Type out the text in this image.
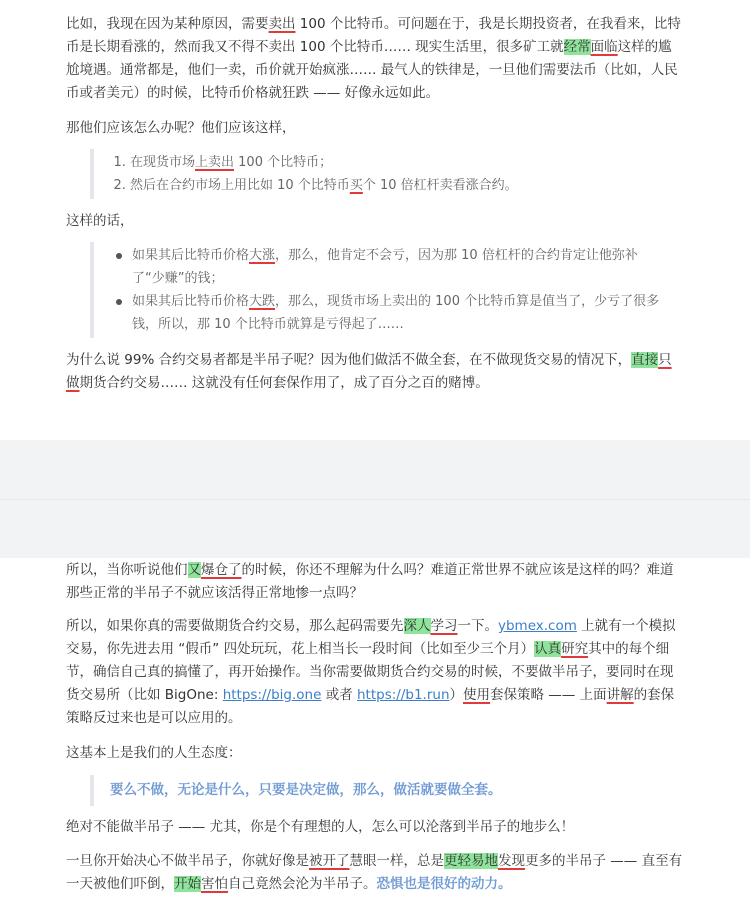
比如，我现在因为某种原因，需要卖出 100 个比特币。可问题在于，我是长期投资者，在我看来，比特币是长期看涨的，然而我又不得不卖出 100 个比特币…… 现实生活里，很多矿工就经常面临这样的尴尬境遇。通常都是，他们一卖，币价就开始疯涨…… 最气人的铁律是，一旦他们需要法币（比如，人民币或者美元）的时候，比特币价格就狂跌 —— 好像永远如此。

那他们应该怎么办呢？他们应该这样，

1. 在现货市场上卖出 100 个比特币；
2. 然后在合约市场上用比如 10 个比特币买个 10 倍杠杆卖看涨合约。

这样的话，

如果其后比特币价格大涨，那么，他肯定不会亏，因为那 10 倍杠杆的合约肯定让他弥补了“少赚”的钱；
如果其后比特币价格大跌，那么，现货市场上卖出的 100 个比特币算是值当了，少亏了很多钱，所以，那 10 个比特币就算是亏得起了……

为什么说 99% 合约交易者都是半吊子呢？因为他们做活不做全套，在不做现货交易的情况下，直接只做期货合约交易…… 这就没有任何套保作用了，成了百分之百的赌博。

所以，当你听说他们又爆仓了的时候，你还不理解为什么吗？难道正常世界不就应该是这样的吗？难道那些正常的半吊子不就应该活得正常地惨一点吗？

所以，如果你真的需要做期货合约交易，那么起码需要先深人学习一下。ybmex.com 上就有一个模拟交易，你先进去用 “假币” 四处玩玩，花上相当长一段时间（比如至少三个月）认真研究其中的每个细节，确信自己真的搞懂了，再开始操作。当你需要做期货合约交易的时候，不要做半吊子，要同时在现货交易所（比如 BigOne: https://big.one 或者 https://b1.run）使用套保策略 —— 上面讲解的套保策略反过来也是可以应用的。

这基本上是我们的人生态度：

要么不做，无论是什么，只要是决定做，那么，做活就要做全套。

绝对不能做半吊子 —— 尤其，你是个有理想的人，怎么可以沦落到半吊子的地步么！

一旦你开始决心不做半吊子，你就好像是被开了慧眼一样，总是更轻易地发现更多的半吊子 —— 直至有一天被他们吓倒，开始害怕自己竟然会沦为半吊子。恐惧也是很好的动力。
